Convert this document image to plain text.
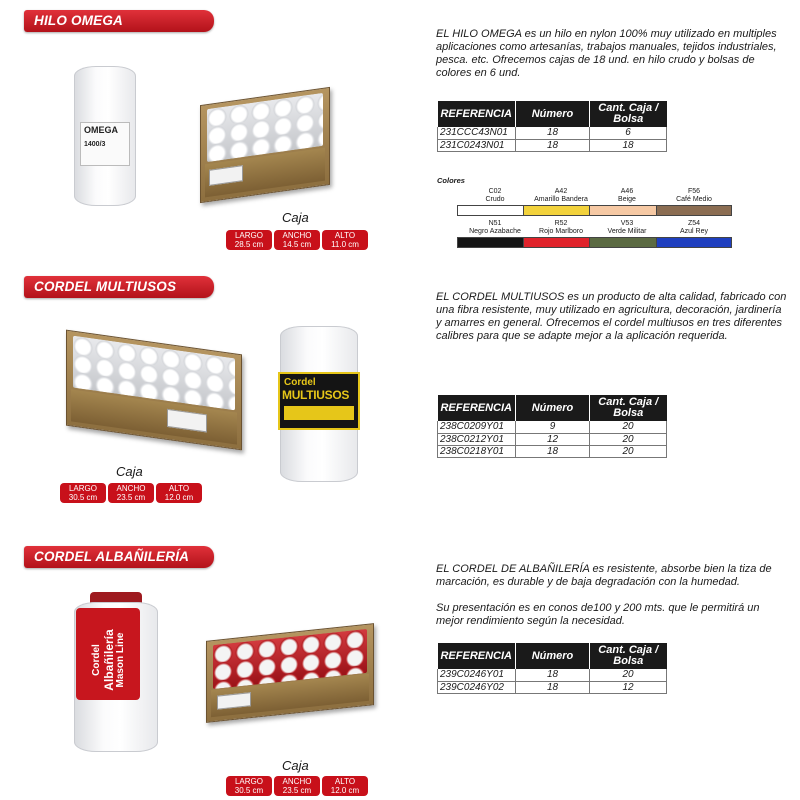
HILO OMEGA
OMEGA
1400/3
Caja
LARGO
28.5 cm
ANCHO
14.5 cm
ALTO
11.0 cm

EL HILO OMEGA es un hilo en nylon 100% muy utilizado en multiples aplicaciones como artesanías, trabajos manuales, tejidos industriales, pesca. etc. Ofrecemos cajas de 18 und. en hilo crudo y bolsas de colores en 6 und.

REFERENCIA	Número	Cant. Caja / Bolsa
231CCC43N01	18	6
231C0243N01	18	18
Colores
C02
Crudo
A42
Amarillo Bandera
A46
Beige
F56
Café Medio
N51
Negro Azabache
R52
Rojo Marlboro
V53
Verde Militar
Z54
Azul Rey
CORDEL MULTIUSOS
Cordel
MULTIUSOS
Caja
LARGO
30.5 cm
ANCHO
23.5 cm
ALTO
12.0 cm

EL CORDEL MULTIUSOS es un producto de alta calidad, fabricado con una fibra resistente, muy utilizado en agricultura, decoración, jardinería y amarres en general. Ofrecemos el cordel multiusos en tres diferentes calibres para que se adapte mejor a la aplicación requerida.

REFERENCIA	Número	Cant. Caja / Bolsa
238C0209Y01	9	20
238C0212Y01	12	20
238C0218Y01	18	20
CORDEL ALBAÑILERÍA
Cordel Albañilería Mason Line
Caja
LARGO
30.5 cm
ANCHO
23.5 cm
ALTO
12.0 cm

EL CORDEL DE ALBAÑILERÍA es resistente, absorbe bien la tiza de marcación, es durable y de baja degradación con la humedad.

Su presentación es en conos de100 y 200 mts. que le permitirá un mejor rendimiento según la necesidad.

REFERENCIA	Número	Cant. Caja / Bolsa
239C0246Y01	18	20
239C0246Y02	18	12
